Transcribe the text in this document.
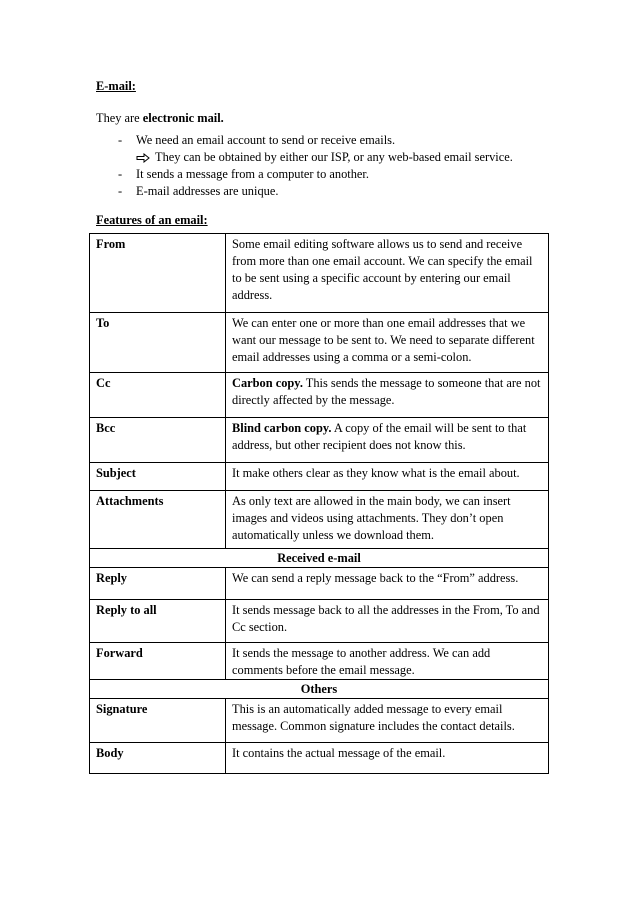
E-mail:
They are electronic mail.
- We need an email account to send or receive emails.
They can be obtained by either our ISP, or any web-based email service.
- It sends a message from a computer to another.
- E-mail addresses are unique.
Features of an email:
From	Some email editing software allows us to send and receive from more than one email account. We can specify the email to be sent using a specific account by entering our email address.
To	We can enter one or more than one email addresses that we want our message to be sent to. We need to separate different email addresses using a comma or a semi-colon.
Cc	Carbon copy. This sends the message to someone that are not directly affected by the message.
Bcc	Blind carbon copy. A copy of the email will be sent to that address, but other recipient does not know this.
Subject	It make others clear as they know what is the email about.
Attachments	As only text are allowed in the main body, we can insert images and videos using attachments. They don’t open automatically unless we download them.
Received e-mail	
Reply	We can send a reply message back to the “From” address.
Reply to all	It sends message back to all the addresses in the From, To and Cc section.
Forward	It sends the message to another address. We can add comments before the email message.
Others	
Signature	This is an automatically added message to every email message. Common signature includes the contact details.
Body	It contains the actual message of the email.
